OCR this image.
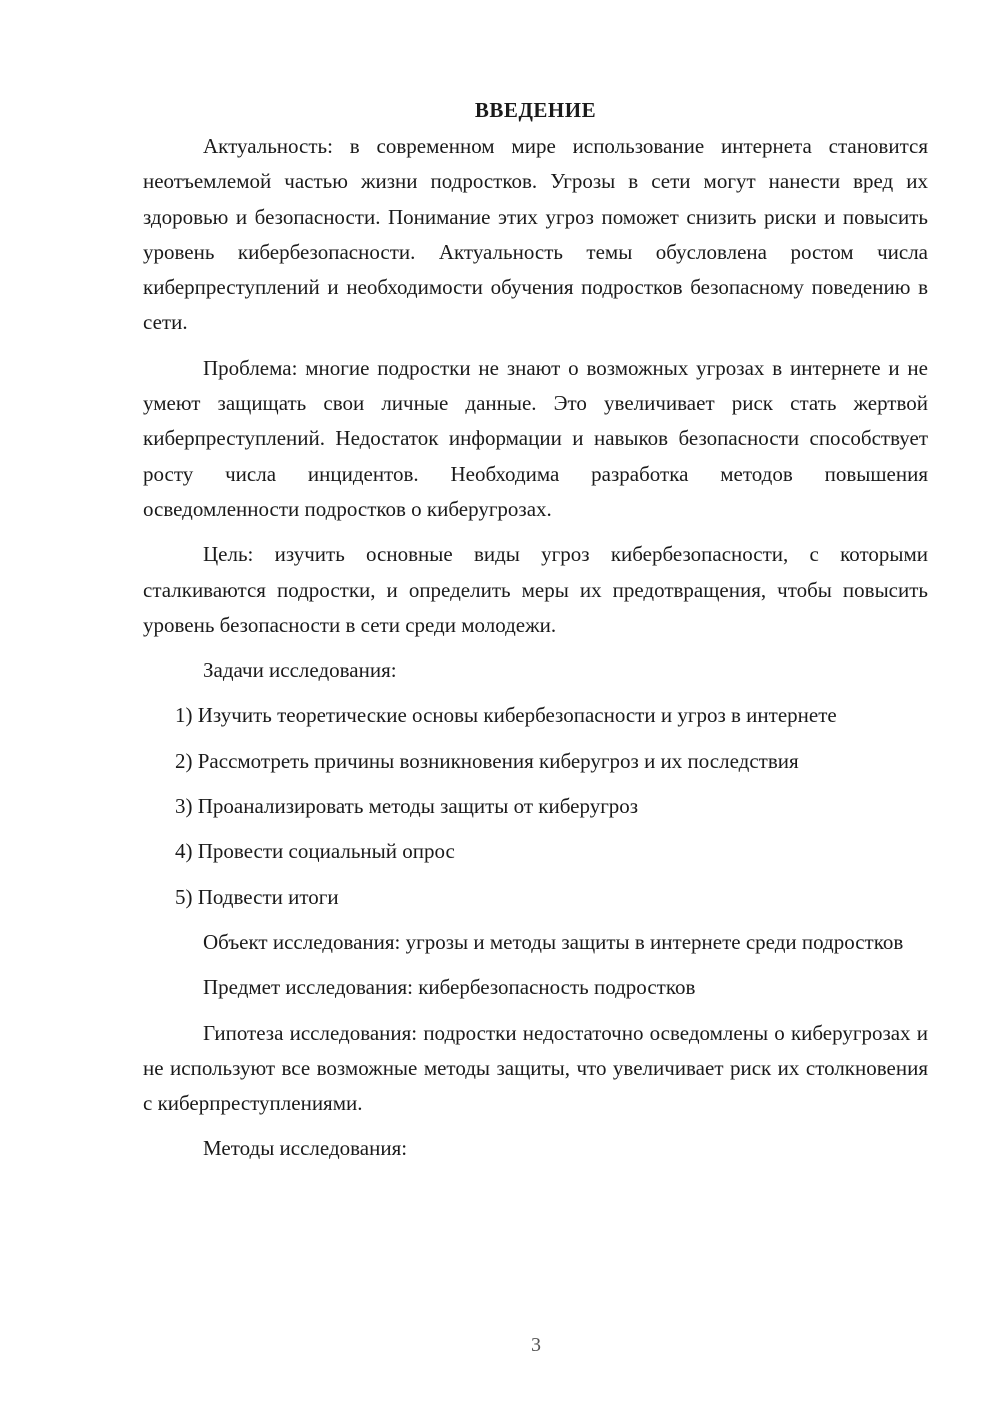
ВВЕДЕНИЕ

Актуальность: в современном мире использование интернета становится неотъемлемой частью жизни подростков. Угрозы в сети могут нанести вред их здоровью и безопасности. Понимание этих угроз поможет снизить риски и повысить уровень кибербезопасности. Актуальность темы обусловлена ростом числа киберпреступлений и необходимости обучения подростков безопасному поведению в сети.

Проблема: многие подростки не знают о возможных угрозах в интернете и не умеют защищать свои личные данные. Это увеличивает риск стать жертвой киберпреступлений. Недостаток информации и навыков безопасности способствует росту числа инцидентов. Необходима разработка методов повышения осведомленности подростков о киберугрозах.

Цель: изучить основные виды угроз кибербезопасности, с которыми сталкиваются подростки, и определить меры их предотвращения, чтобы повысить уровень безопасности в сети среди молодежи.

Задачи исследования:

1) Изучить теоретические основы кибербезопасности и угроз в интернете
2) Рассмотреть причины возникновения киберугроз и их последствия
3) Проанализировать методы защиты от киберугроз
4) Провести социальный опрос
5) Подвести итоги

Объект исследования: угрозы и методы защиты в интернете среди подростков

Предмет исследования: кибербезопасность подростков

Гипотеза исследования: подростки недостаточно осведомлены о киберугрозах и не используют все возможные методы защиты, что увеличивает риск их столкновения с киберпреступлениями.

Методы исследования:

3
